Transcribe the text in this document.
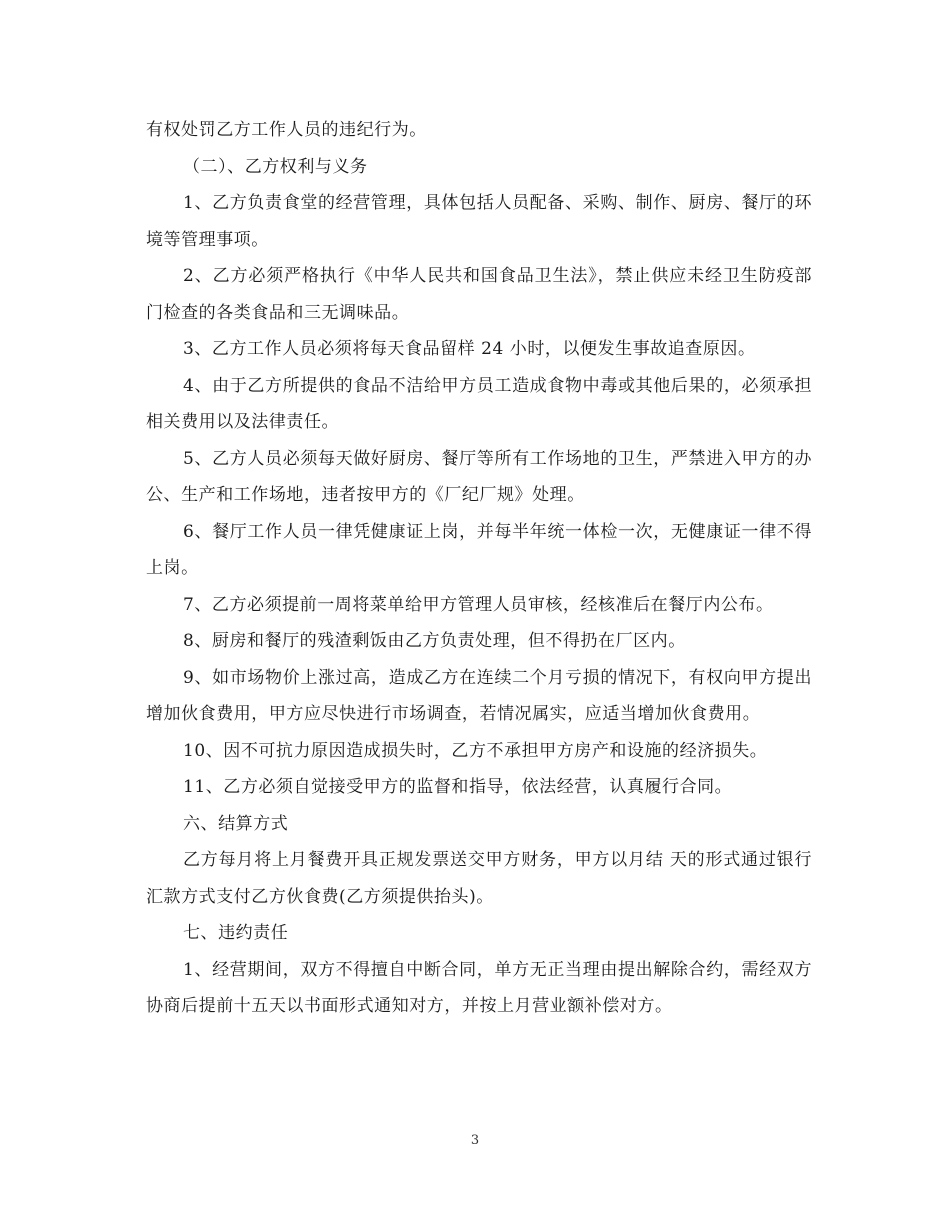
有权处罚乙方工作人员的违纪行为。

（二）、乙方权利与义务

1、乙方负责食堂的经营管理，具体包括人员配备、采购、制作、厨房、餐厅的环境等管理事项。

2、乙方必须严格执行《中华人民共和国食品卫生法》，禁止供应未经卫生防疫部门检查的各类食品和三无调味品。

3、乙方工作人员必须将每天食品留样 24 小时，以便发生事故追查原因。

4、由于乙方所提供的食品不洁给甲方员工造成食物中毒或其他后果的，必须承担相关费用以及法律责任。

5、乙方人员必须每天做好厨房、餐厅等所有工作场地的卫生，严禁进入甲方的办公、生产和工作场地，违者按甲方的《厂纪厂规》处理。

6、餐厅工作人员一律凭健康证上岗，并每半年统一体检一次，无健康证一律不得上岗。

7、乙方必须提前一周将菜单给甲方管理人员审核，经核准后在餐厅内公布。

8、厨房和餐厅的残渣剩饭由乙方负责处理，但不得扔在厂区内。

9、如市场物价上涨过高，造成乙方在连续二个月亏损的情况下，有权向甲方提出增加伙食费用，甲方应尽快进行市场调查，若情况属实，应适当增加伙食费用。

10、因不可抗力原因造成损失时，乙方不承担甲方房产和设施的经济损失。

11、乙方必须自觉接受甲方的监督和指导，依法经营，认真履行合同。

六、结算方式

乙方每月将上月餐费开具正规发票送交甲方财务，甲方以月结 天的形式通过银行汇款方式支付乙方伙食费(乙方须提供抬头)。

七、违约责任

1、经营期间，双方不得擅自中断合同，单方无正当理由提出解除合约，需经双方协商后提前十五天以书面形式通知对方，并按上月营业额补偿对方。

3
